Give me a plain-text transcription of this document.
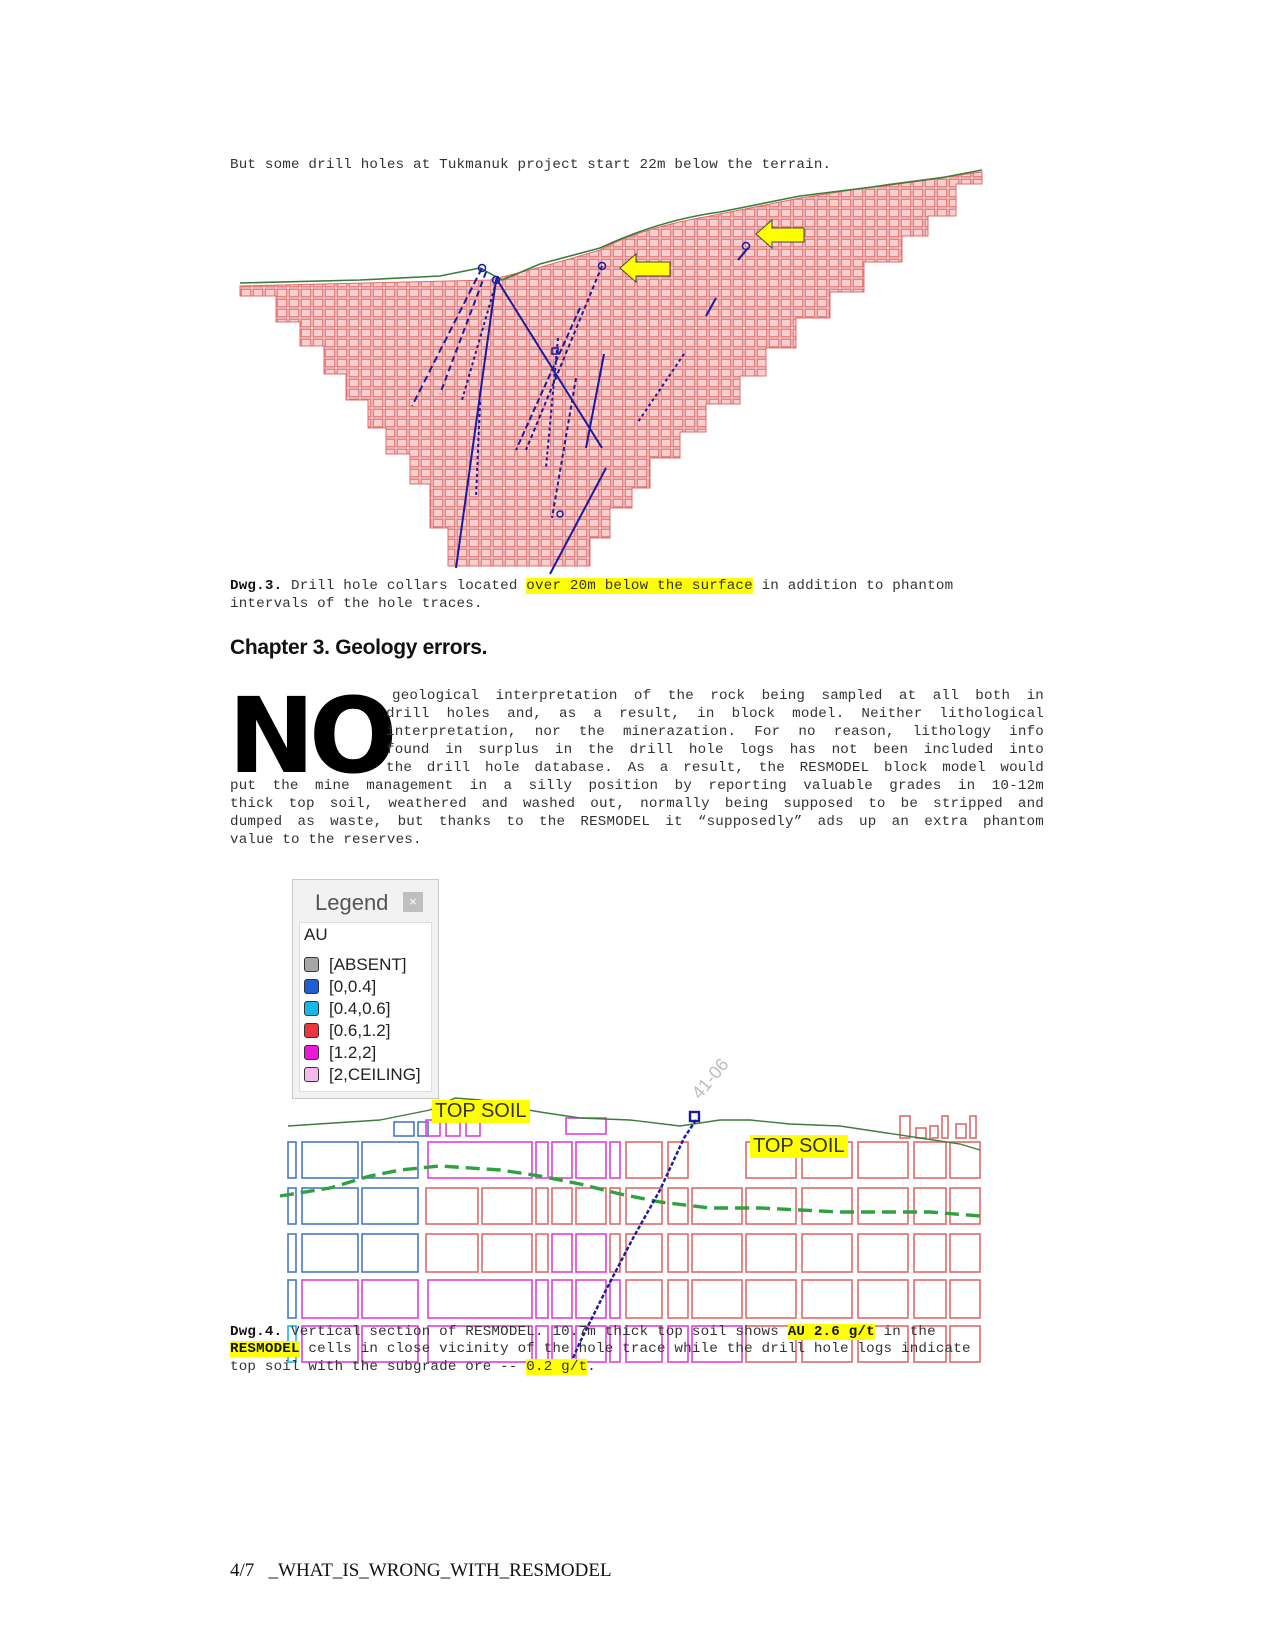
But some drill holes at Tukmanuk project start 22m below the terrain.
Dwg.3. Drill hole collars located over 20m below the surface in addition to phantom
intervals of the hole traces.
Chapter 3. Geology errors.
NO geological interpretation of the rock being sampled at all both in
drill holes and, as a result, in block model. Neither lithological
interpretation, nor the minerazation. For no reason, lithology info
found in surplus in the drill hole logs has not been included into
the drill hole database. As a result, the RESMODEL block model would
put the mine management in a silly position by reporting valuable grades in 10-12m
thick top soil, weathered and washed out, normally being supposed to be stripped and
dumped as waste, but thanks to the RESMODEL it “supposedly” ads up an extra phantom
value to the reserves.
Legend	×
AU
[ABSENT]
[0,0.4]
[0.4,0.6]
[0.6,1.2]
[1.2,2]
[2,CEILING]	41-06
TOP SOIL
TOP SOIL
Dwg.4. Vertical section of RESMODEL. 10.7m thick top soil shows AU 2.6 g/t in the
RESMODEL cells in close vicinity of the hole trace while the drill hole logs indicate
top soil with the subgrade ore -- 0.2 g/t.
4/7 _WHAT_IS_WRONG_WITH_RESMODEL
